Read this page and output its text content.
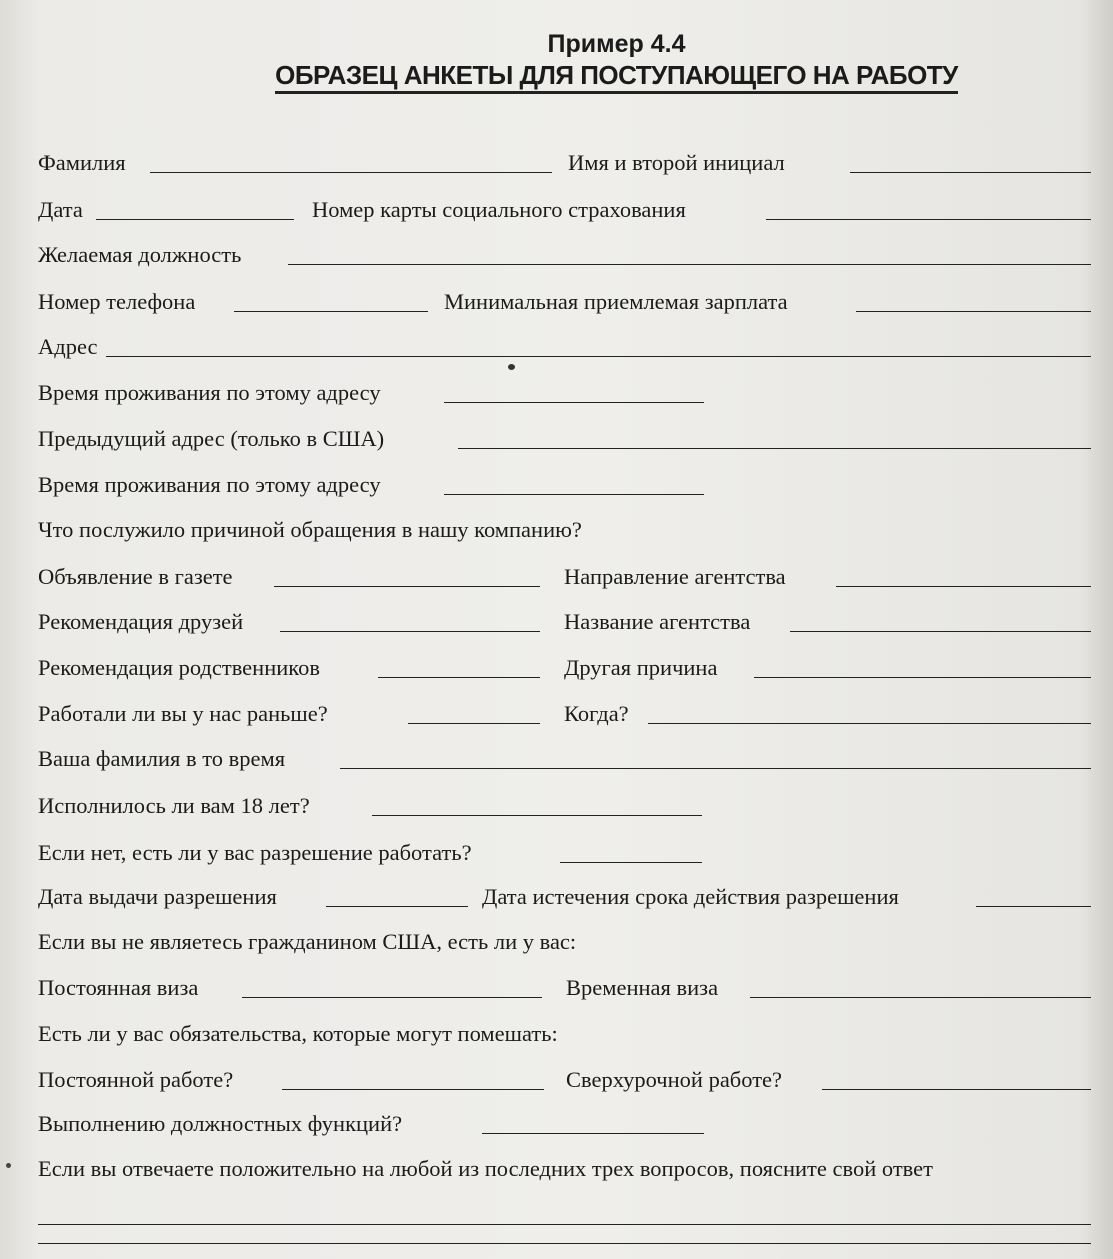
Пример 4.4
ОБРАЗЕЦ АНКЕТЫ ДЛЯ ПОСТУПАЮЩЕГО НА РАБОТУ
Фамилия	Имя и второй инициал
Дата	Номер карты социального страхования
Желаемая должность
Номер телефона	Минимальная приемлемая зарплата
Адрес
Время проживания по этому адресу
Предыдущий адрес (только в США)
Время проживания по этому адресу
Что послужило причиной обращения в нашу компанию?
Объявление в газете	Направление агентства
Рекомендация друзей	Название агентства
Рекомендация родственников	Другая причина
Работали ли вы у нас раньше?	Когда?
Ваша фамилия в то время
Исполнилось ли вам 18 лет?
Если нет, есть ли у вас разрешение работать?
Дата выдачи разрешения	Дата истечения срока действия разрешения
Если вы не являетесь гражданином США, есть ли у вас:
Постоянная виза	Временная виза
Есть ли у вас обязательства, которые могут помешать:
Постоянной работе?	Сверхурочной работе?
Выполнению должностных функций?
Если вы отвечаете положительно на любой из последних трех вопросов, поясните свой ответ
